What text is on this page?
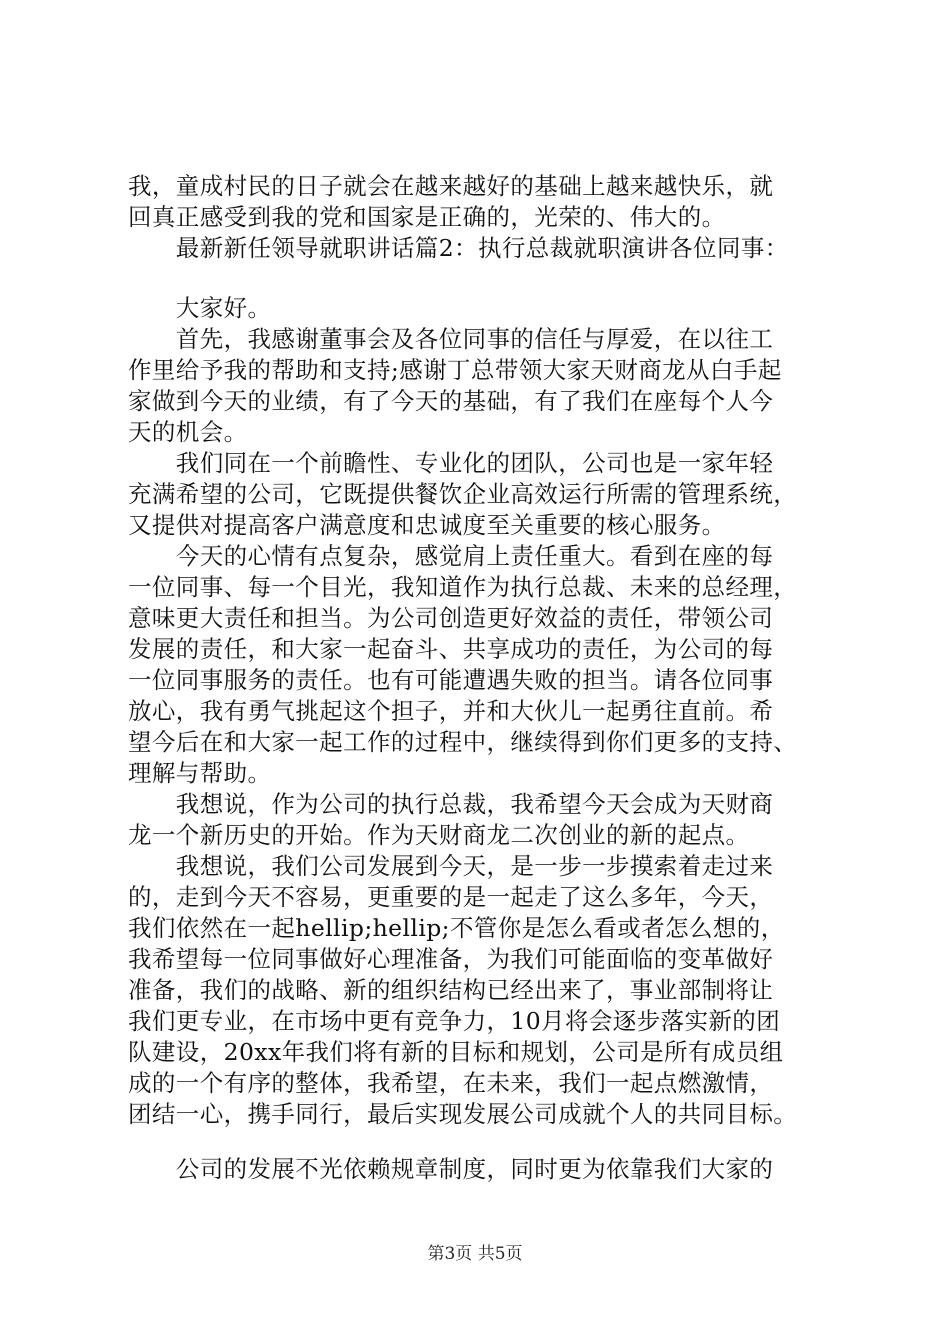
我，童成村民的日子就会在越来越好的基础上越来越快乐，就
回真正感受到我的党和国家是正确的，光荣的、伟大的。
　　最新新任领导就职讲话篇2：执行总裁就职演讲各位同事：
　　大家好。
　　首先，我感谢董事会及各位同事的信任与厚爱，在以往工
作里给予我的帮助和支持;感谢丁总带领大家天财商龙从白手起
家做到今天的业绩，有了今天的基础，有了我们在座每个人今
天的机会。
　　我们同在一个前瞻性、专业化的团队，公司也是一家年轻
充满希望的公司，它既提供餐饮企业高效运行所需的管理系统，
又提供对提高客户满意度和忠诚度至关重要的核心服务。
　　今天的心情有点复杂，感觉肩上责任重大。看到在座的每
一位同事、每一个目光，我知道作为执行总裁、未来的总经理，
意味更大责任和担当。为公司创造更好效益的责任，带领公司
发展的责任，和大家一起奋斗、共享成功的责任，为公司的每
一位同事服务的责任。也有可能遭遇失败的担当。请各位同事
放心，我有勇气挑起这个担子，并和大伙儿一起勇往直前。希
望今后在和大家一起工作的过程中，继续得到你们更多的支持、
理解与帮助。
　　我想说，作为公司的执行总裁，我希望今天会成为天财商
龙一个新历史的开始。作为天财商龙二次创业的新的起点。
　　我想说，我们公司发展到今天，是一步一步摸索着走过来
的，走到今天不容易，更重要的是一起走了这么多年，今天，
我们依然在一起hellip;hellip;不管你是怎么看或者怎么想的，
我希望每一位同事做好心理准备，为我们可能面临的变革做好
准备，我们的战略、新的组织结构已经出来了，事业部制将让
我们更专业，在市场中更有竞争力，10月将会逐步落实新的团
队建设，20xx年我们将有新的目标和规划，公司是所有成员组
成的一个有序的整体，我希望，在未来，我们一起点燃激情，
团结一心，携手同行，最后实现发展公司成就个人的共同目标。
　　公司的发展不光依赖规章制度，同时更为依靠我们大家的
第3页 共5页
